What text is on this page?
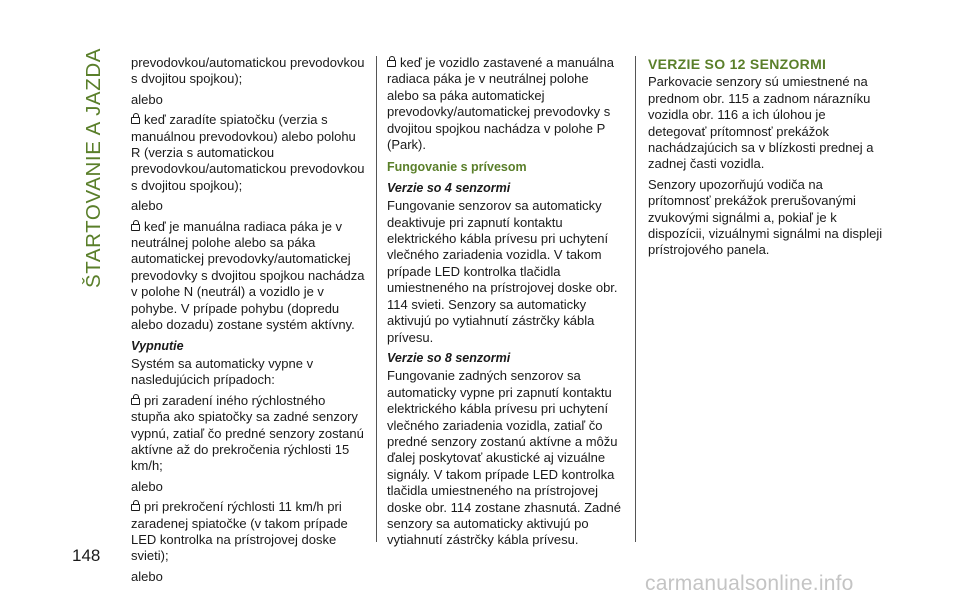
ŠTARTOVANIE A JAZDA prevodovkou/automatickou prevodovkou s dvojitou spojkou);

alebo

keď zaradíte spiatočku (verzia s manuálnou prevodovkou) alebo polohu R (verzia s automatickou prevodovkou/automatickou prevodovkou s dvojitou spojkou);

alebo

keď je manuálna radiaca páka je v neutrálnej polohe alebo sa páka automatickej prevodovky/automatickej prevodovky s dvojitou spojkou nachádza v polohe N (neutrál) a vozidlo je v pohybe. V prípade pohybu (dopredu alebo dozadu) zostane systém aktívny.

Vypnutie

Systém sa automaticky vypne v nasledujúcich prípadoch:

pri zaradení iného rýchlostného stupňa ako spiatočky sa zadné senzory vypnú, zatiaľ čo predné senzory zostanú aktívne až do prekročenia rýchlosti 15 km/h;

alebo

pri prekročení rýchlosti 11 km/h pri zaradenej spiatočke (v takom prípade LED kontrolka na prístrojovej doske svieti);

alebo

keď je vozidlo zastavené a manuálna radiaca páka je v neutrálnej polohe alebo sa páka automatickej prevodovky/automatickej prevodovky s dvojitou spojkou nachádza v polohe P (Park).

Fungovanie s prívesom

Verzie so 4 senzormi

Fungovanie senzorov sa automaticky deaktivuje pri zapnutí kontaktu elektrického kábla prívesu pri uchytení vlečného zariadenia vozidla. V takom prípade LED kontrolka tlačidla umiestneného na prístrojovej doske obr. 114 svieti. Senzory sa automaticky aktivujú po vytiahnutí zástrčky kábla prívesu.

Verzie so 8 senzormi

Fungovanie zadných senzorov sa automaticky vypne pri zapnutí kontaktu elektrického kábla prívesu pri uchytení vlečného zariadenia vozidla, zatiaľ čo predné senzory zostanú aktívne a môžu ďalej poskytovať akustické aj vizuálne signály. V takom prípade LED kontrolka tlačidla umiestneného na prístrojovej doske obr. 114 zostane zhasnutá. Zadné senzory sa automaticky aktivujú po vytiahnutí zástrčky kábla prívesu.

VERZIE SO 12 SENZORMI

Parkovacie senzory sú umiestnené na prednom obr. 115 a zadnom nárazníku vozidla obr. 116 a ich úlohou je detegovať prítomnosť prekážok nachádzajúcich sa v blízkosti prednej a zadnej časti vozidla.

Senzory upozorňujú vodiča na prítomnosť prekážok prerušovanými zvukovými signálmi a, pokiaľ je k dispozícii, vizuálnymi signálmi na displeji prístrojového panela.

148
carmanualsonline.info
